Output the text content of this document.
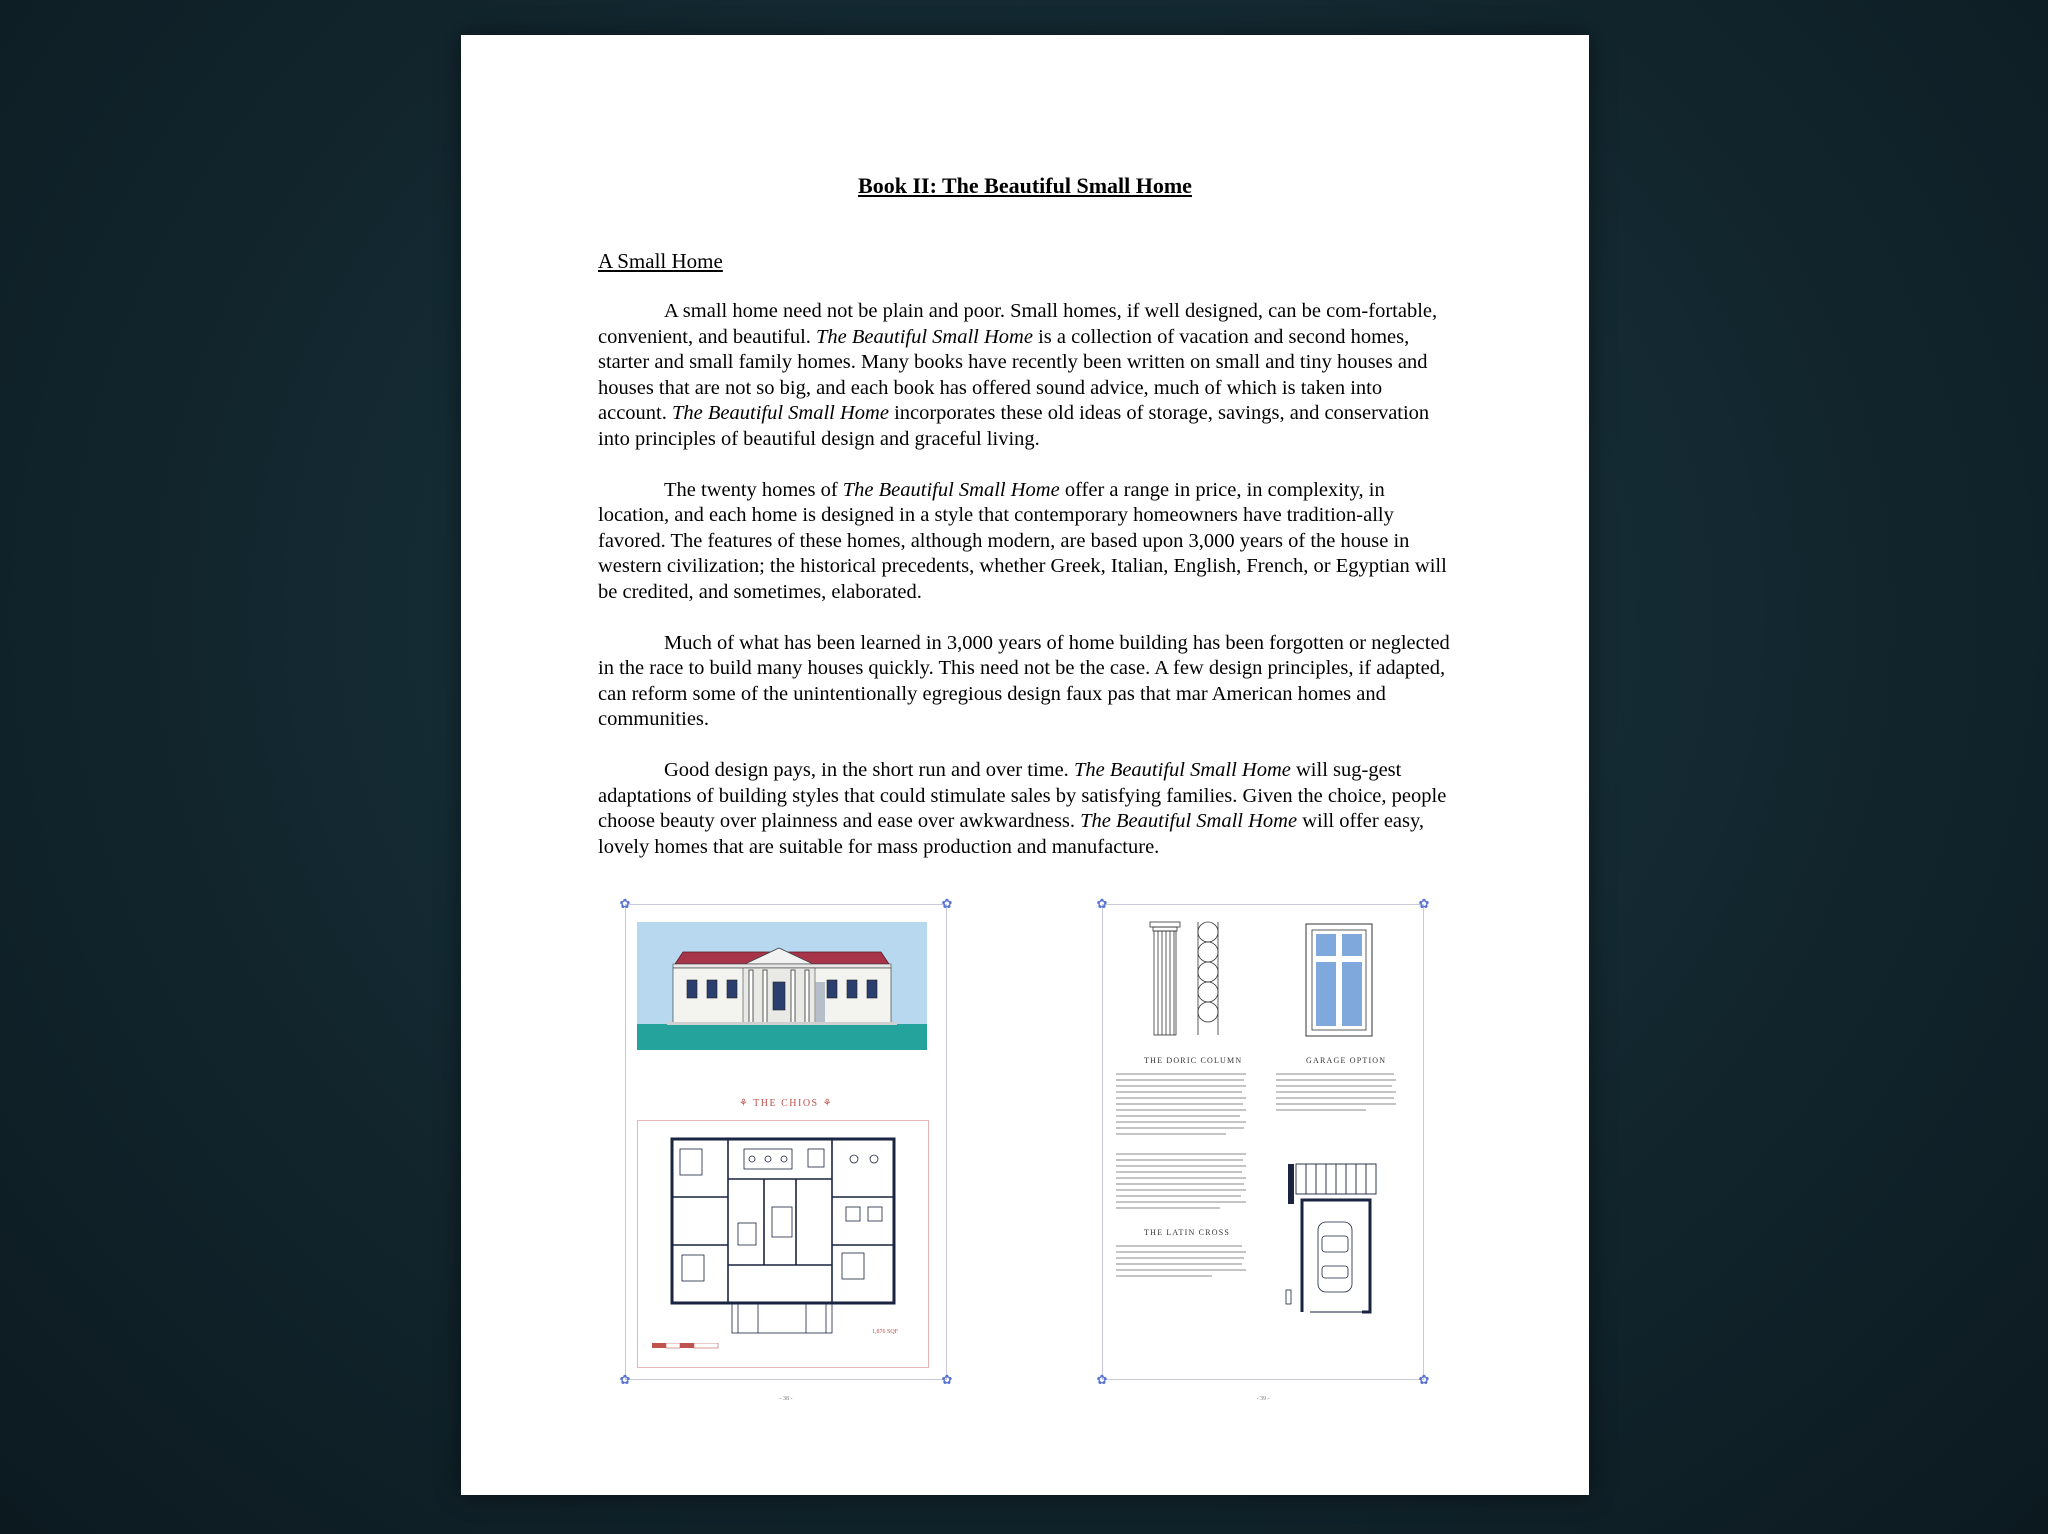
Book II: The Beautiful Small Home
A Small Home

A small home need not be plain and poor. Small homes, if well designed, can be com-fortable, convenient, and beautiful. The Beautiful Small Home is a collection of vacation and second homes, starter and small family homes. Many books have recently been written on small and tiny houses and houses that are not so big, and each book has offered sound advice, much of which is taken into account. The Beautiful Small Home incorporates these old ideas of storage, savings, and conservation into principles of beautiful design and graceful living.

The twenty homes of The Beautiful Small Home offer a range in price, in complexity, in location, and each home is designed in a style that contemporary homeowners have tradition-ally favored. The features of these homes, although modern, are based upon 3,000 years of the house in western civilization; the historical precedents, whether Greek, Italian, English, French, or Egyptian will be credited, and sometimes, elaborated.

Much of what has been learned in 3,000 years of home building has been forgotten or neglected in the race to build many houses quickly. This need not be the case. A few design principles, if adapted, can reform some of the unintentionally egregious design faux pas that mar American homes and communities.

Good design pays, in the short run and over time. The Beautiful Small Home will sug-gest adaptations of building styles that could stimulate sales by satisfying families. Given the choice, people choose beauty over plainness and ease over awkwardness. The Beautiful Small Home will offer easy, lovely homes that are suitable for mass production and manufacture.

✿	✿
✿	✿
⚘ THE CHIOS ⚘
1,876 SQF
- 38 -
✿	✿
✿	✿
THE DORIC COLUMN	GARAGE OPTION
THE LATIN CROSS
- 39 -
